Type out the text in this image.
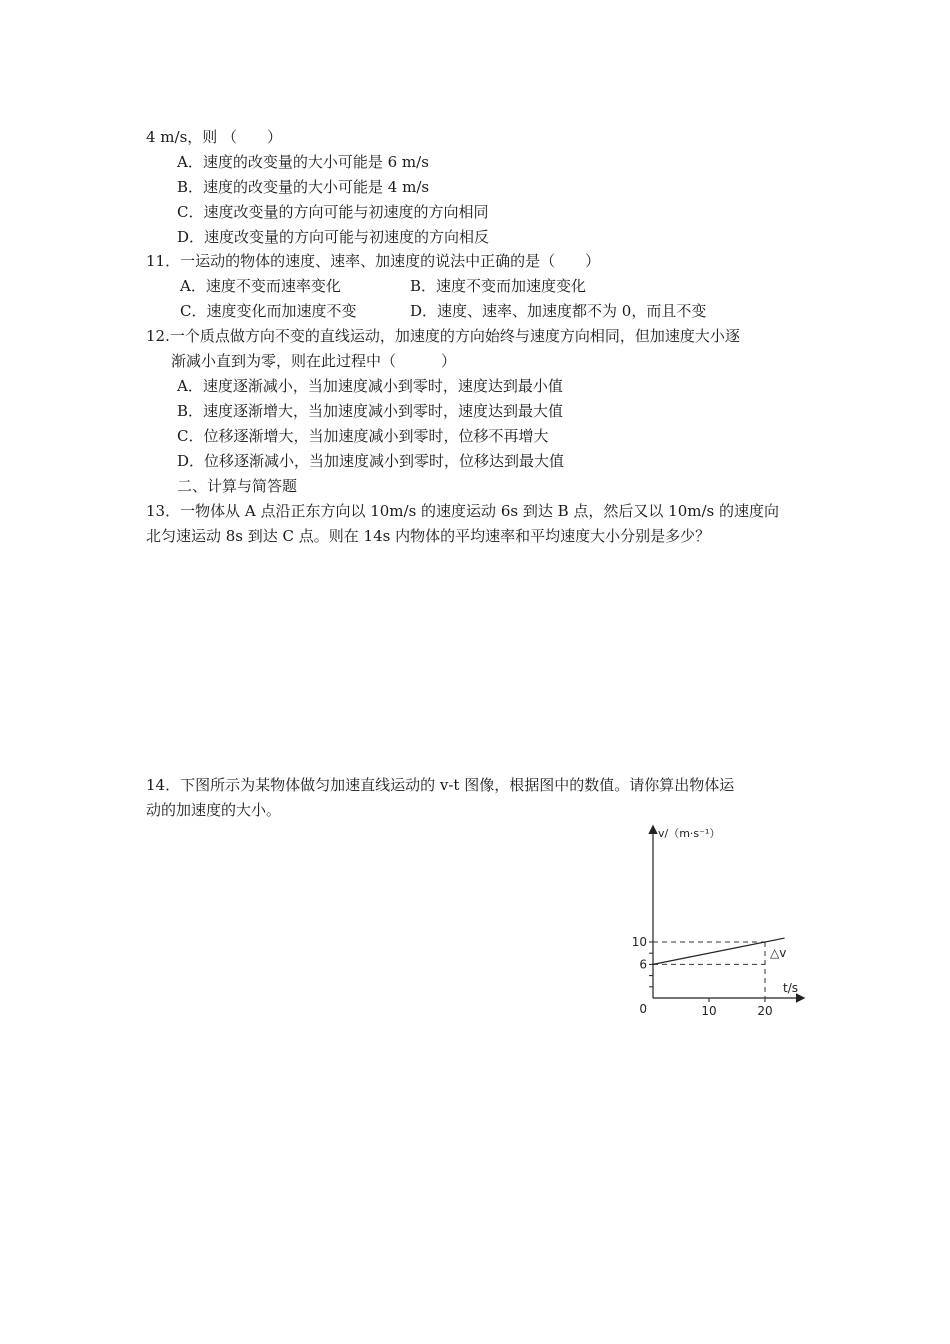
4 m/s，则 （　　）
A．速度的改变量的大小可能是 6 m/s
B．速度的改变量的大小可能是 4 m/s
C．速度改变量的方向可能与初速度的方向相同
D．速度改变量的方向可能与初速度的方向相反
11．一运动的物体的速度、速率、加速度的说法中正确的是（　　）
A．速度不变而速率变化	B．速度不变而加速度变化
C．速度变化而加速度不变	D．速度、速率、加速度都不为 0，而且不变
12.一个质点做方向不变的直线运动，加速度的方向始终与速度方向相同，但加速度大小逐
渐减小直到为零，则在此过程中（　　　）
A．速度逐渐减小，当加速度减小到零时，速度达到最小值
B．速度逐渐增大，当加速度减小到零时，速度达到最大值
C．位移逐渐增大，当加速度减小到零时，位移不再增大
D．位移逐渐减小，当加速度减小到零时，位移达到最大值
二、计算与简答题
13．一物体从 A 点沿正东方向以 10m/s 的速度运动 6s 到达 B 点，然后又以 10m/s 的速度向
北匀速运动 8s 到达 C 点。则在 14s 内物体的平均速率和平均速度大小分别是多少？
14．下图所示为某物体做匀加速直线运动的 v-t 图像，根据图中的数值。请你算出物体运
动的加速度的大小。
6
10
10	20
v/（m·s⁻¹）
t/s
0
△v
